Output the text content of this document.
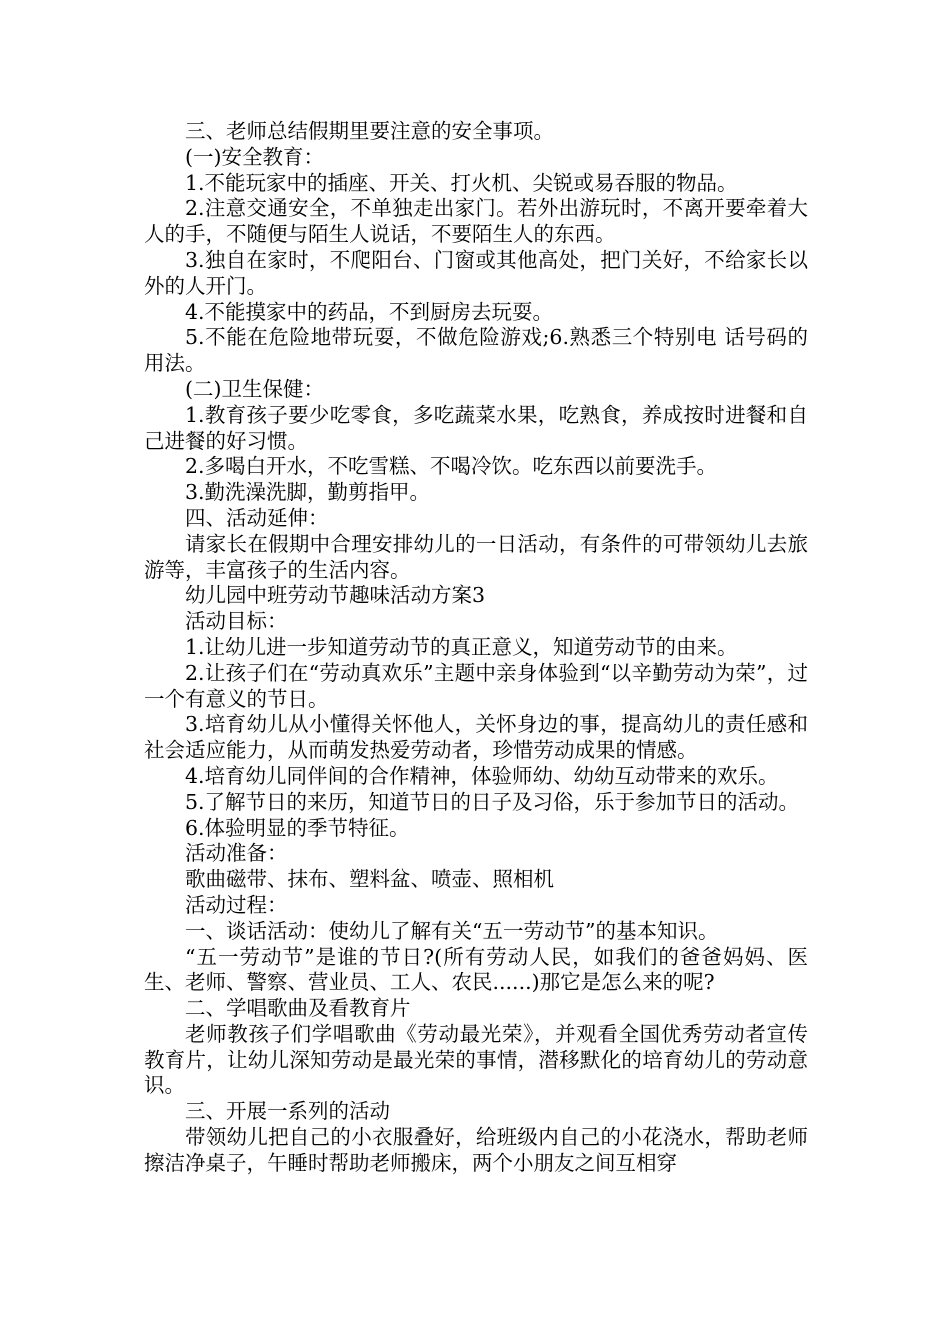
三、老师总结假期里要注意的安全事项。

(一)安全教育：

1.不能玩家中的插座、开关、打火机、尖锐或易吞服的物品。

2.注意交通安全，不单独走出家门。若外出游玩时，不离开要牵着大人的手，不随便与陌生人说话，不要陌生人的东西。

3.独自在家时，不爬阳台、门窗或其他高处，把门关好，不给家长以外的人开门。

4.不能摸家中的药品，不到厨房去玩耍。

5.不能在危险地带玩耍，不做危险游戏;6.熟悉三个特别电 话号码的用法。

(二)卫生保健：

1.教育孩子要少吃零食，多吃蔬菜水果，吃熟食，养成按时进餐和自己进餐的好习惯。

2.多喝白开水，不吃雪糕、不喝冷饮。吃东西以前要洗手。

3.勤洗澡洗脚，勤剪指甲。

四、活动延伸：

请家长在假期中合理安排幼儿的一日活动，有条件的可带领幼儿去旅游等，丰富孩子的生活内容。

幼儿园中班劳动节趣味活动方案3

活动目标：

1.让幼儿进一步知道劳动节的真正意义，知道劳动节的由来。

2.让孩子们在“劳动真欢乐”主题中亲身体验到“以辛勤劳动为荣”，过一个有意义的节日。

3.培育幼儿从小懂得关怀他人，关怀身边的事，提高幼儿的责任感和社会适应能力，从而萌发热爱劳动者，珍惜劳动成果的情感。

4.培育幼儿同伴间的合作精神，体验师幼、幼幼互动带来的欢乐。

5.了解节日的来历，知道节日的日子及习俗，乐于参加节日的活动。

6.体验明显的季节特征。

活动准备：

歌曲磁带、抹布、塑料盆、喷壶、照相机

活动过程：

一、谈话活动：使幼儿了解有关“五一劳动节”的基本知识。

“五一劳动节”是谁的节日?(所有劳动人民，如我们的爸爸妈妈、医生、老师、警察、营业员、工人、农民......)那它是怎么来的呢?

二、学唱歌曲及看教育片

老师教孩子们学唱歌曲《劳动最光荣》，并观看全国优秀劳动者宣传教育片，让幼儿深知劳动是最光荣的事情，潜移默化的培育幼儿的劳动意识。

三、开展一系列的活动

带领幼儿把自己的小衣服叠好，给班级内自己的小花浇水，帮助老师擦洁净桌子，午睡时帮助老师搬床，两个小朋友之间互相穿
